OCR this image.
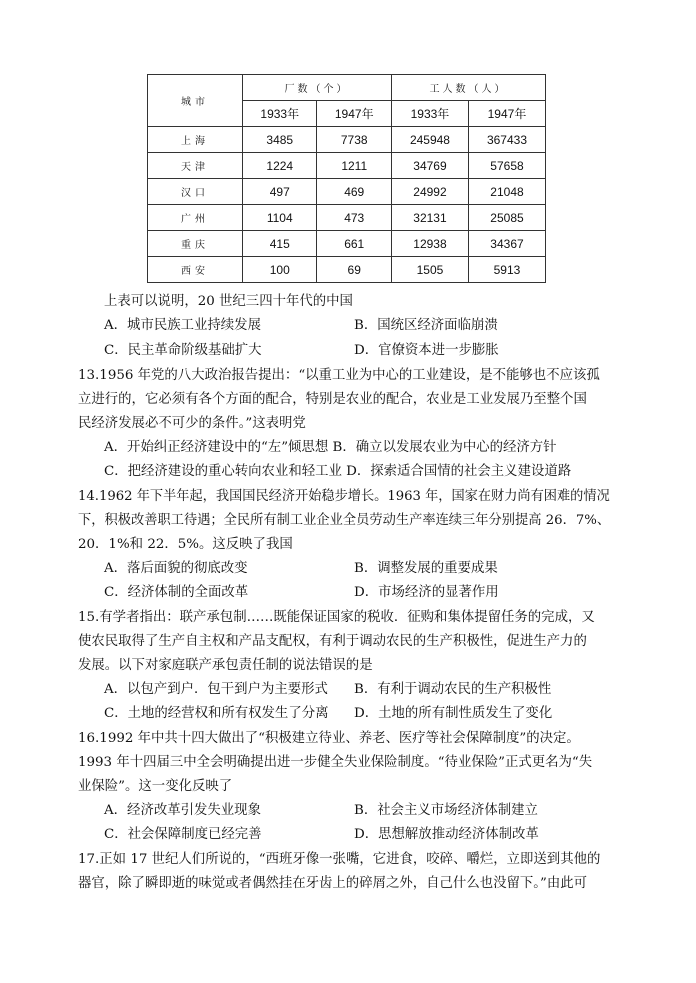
城市	厂数（个）		工人数（人）	
	1933年	1947年	1933年	1947年
上海	3485	7738	245948	367433
天津	1224	1211	34769	57658
汉口	497	469	24992	21048
广州	1104	473	32131	25085
重庆	415	661	12938	34367
西安	100	69	1505	5913
上表可以说明，20 世纪三四十年代的中国
A．城市民族工业持续发展	B．国统区经济面临崩溃
C．民主革命阶级基础扩大	D．官僚资本进一步膨胀
13.1956 年党的八大政治报告提出：“以重工业为中心的工业建设，是不能够也不应该孤
立进行的，它必须有各个方面的配合，特别是农业的配合，农业是工业发展乃至整个国
民经济发展必不可少的条件。”这表明党
A．开始纠正经济建设中的“左”倾思想 B．确立以发展农业为中心的经济方针
C．把经济建设的重心转向农业和轻工业 D．探索适合国情的社会主义建设道路
14.1962 年下半年起，我国国民经济开始稳步增长。1963 年，国家在财力尚有困难的情况
下，积极改善职工待遇；全民所有制工业企业全员劳动生产率连续三年分别提高 26．7%、
20．1%和 22．5%。这反映了我国
A．落后面貌的彻底改变	B．调整发展的重要成果
C．经济体制的全面改革	D．市场经济的显著作用
15.有学者指出：联产承包制……既能保证国家的税收．征购和集体提留任务的完成，又
使农民取得了生产自主权和产品支配权，有利于调动农民的生产积极性，促进生产力的
发展。以下对家庭联产承包责任制的说法错误的是
A．以包产到户．包干到户为主要形式 B．有利于调动农民的生产积极性
C．土地的经营权和所有权发生了分离 D．土地的所有制性质发生了变化
16.1992 年中共十四大做出了“积极建立待业、养老、医疗等社会保障制度”的决定。
1993 年十四届三中全会明确提出进一步健全失业保险制度。“待业保险”正式更名为“失
业保险”。这一变化反映了
A．经济改革引发失业现象	B．社会主义市场经济体制建立
C．社会保障制度已经完善	D．思想解放推动经济体制改革
17.正如 17 世纪人们所说的，“西班牙像一张嘴，它进食，咬碎、嚼烂，立即送到其他的
器官，除了瞬即逝的味觉或者偶然挂在牙齿上的碎屑之外，自己什么也没留下。”由此可
